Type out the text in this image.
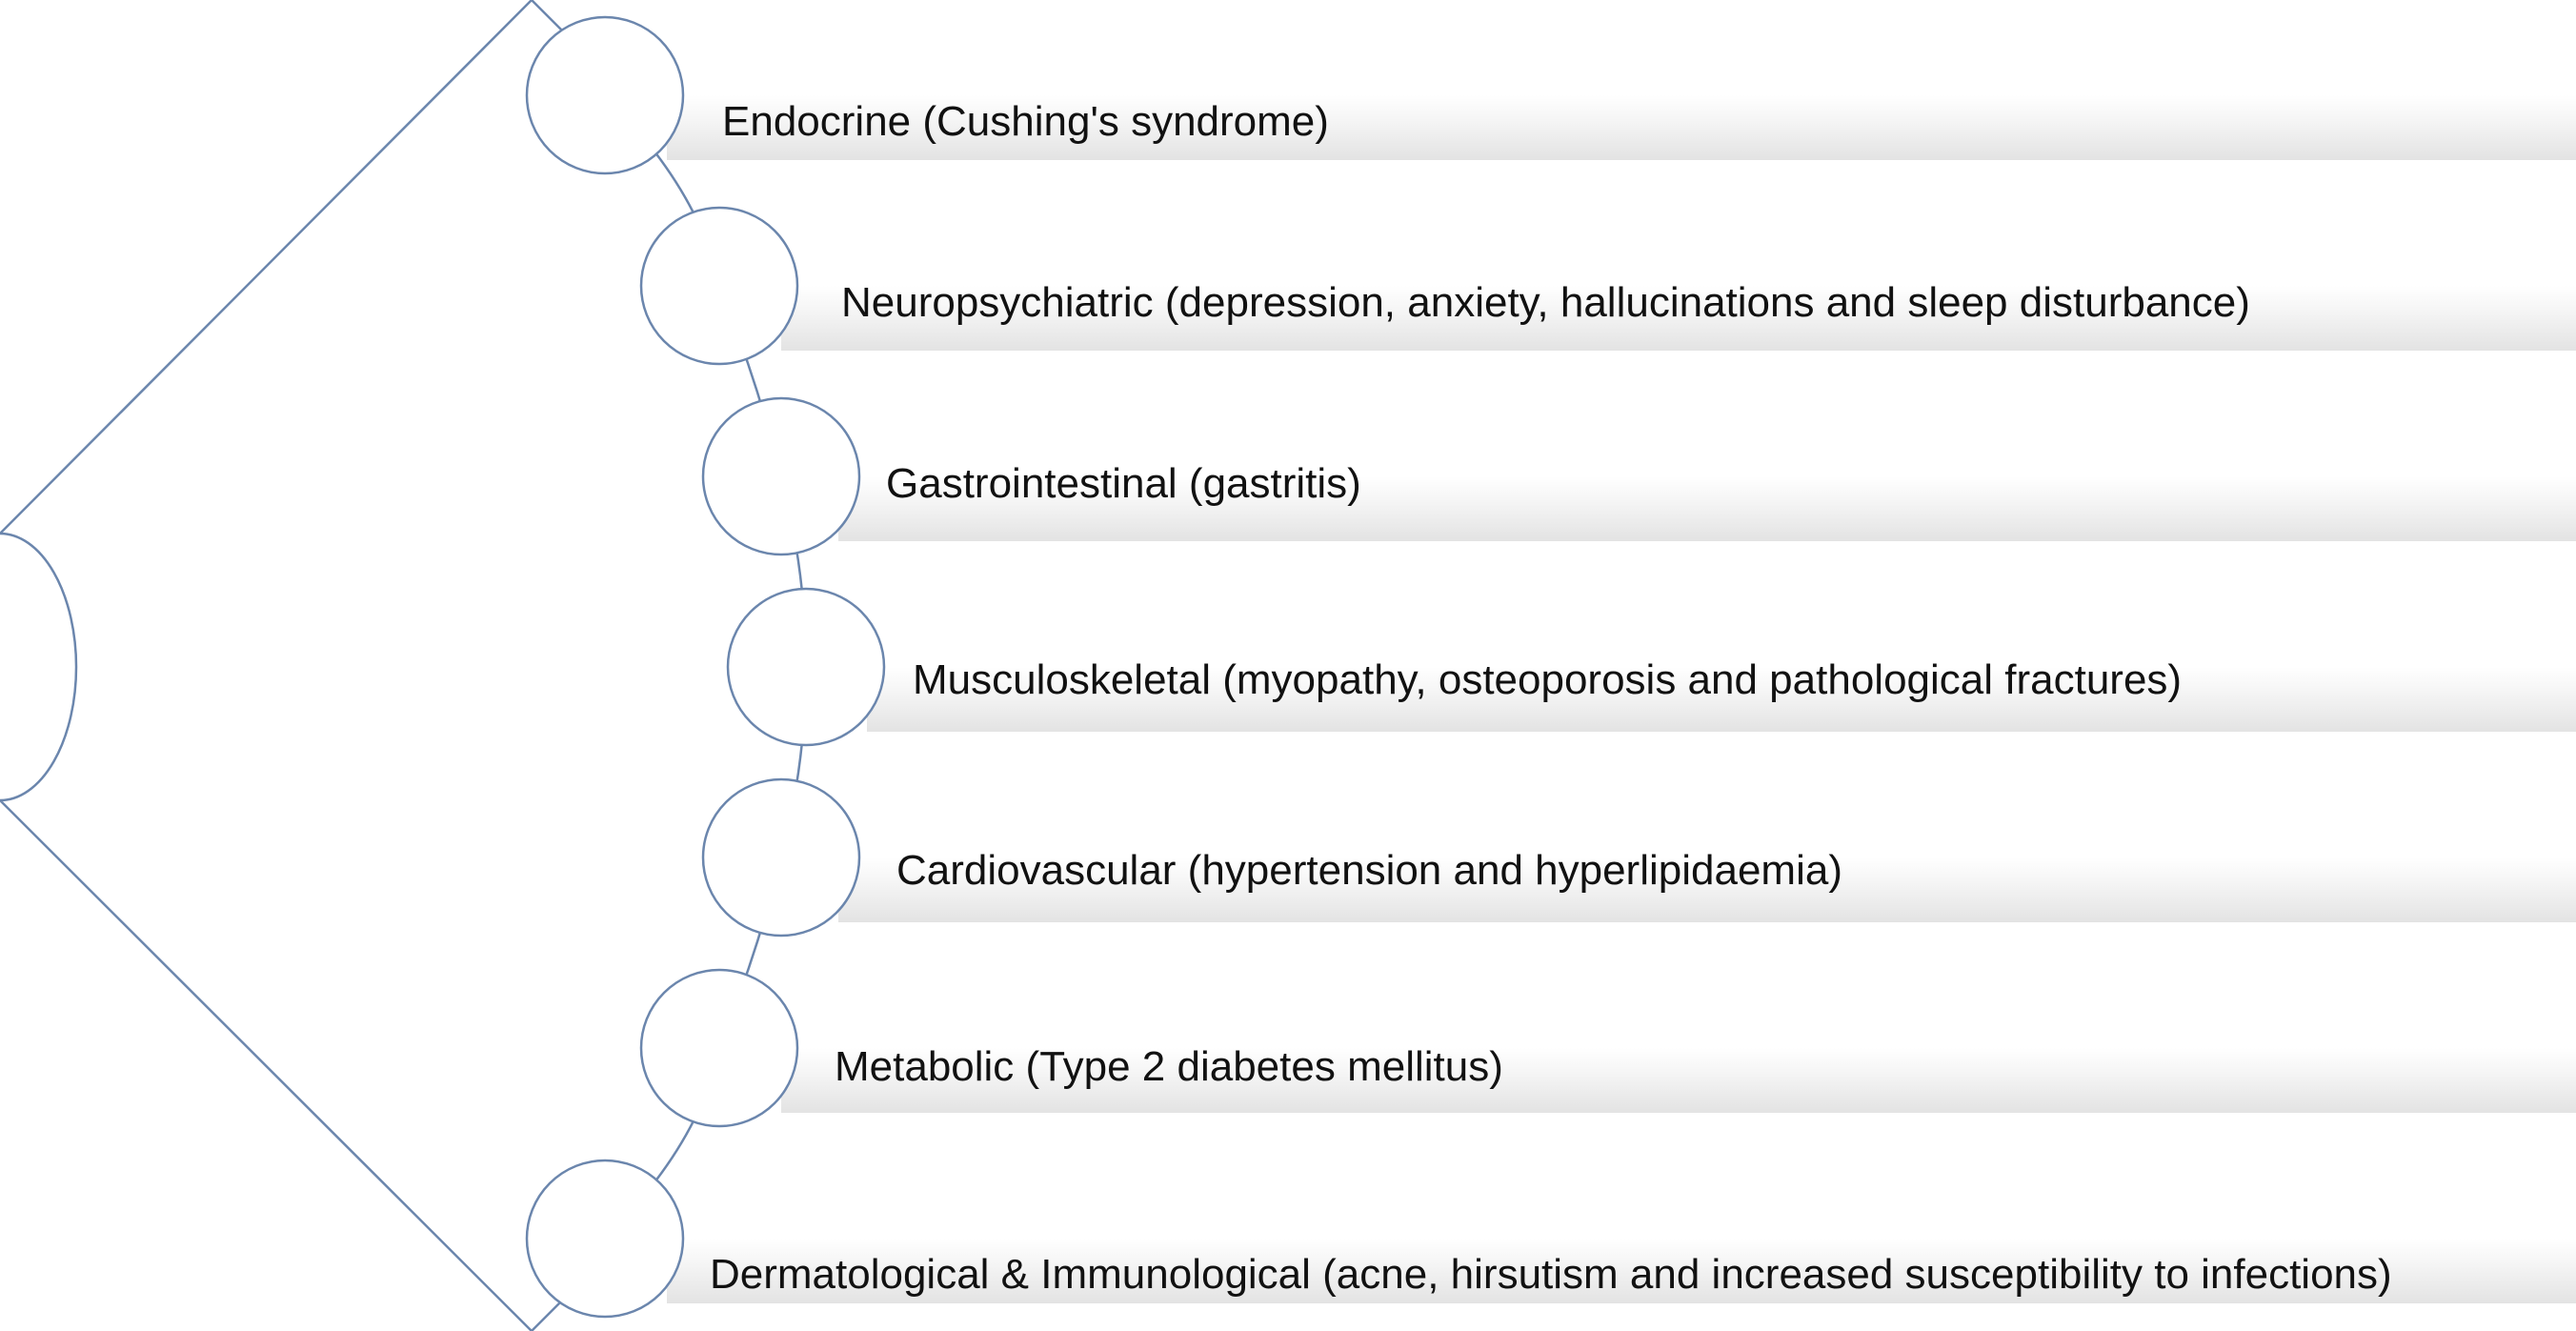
Endocrine (Cushing's syndrome)
Neuropsychiatric (depression, anxiety, hallucinations and sleep disturbance)
Gastrointestinal (gastritis)
Musculoskeletal (myopathy, osteoporosis and pathological fractures)
Cardiovascular (hypertension and hyperlipidaemia)
Metabolic (Type 2 diabetes mellitus)
Dermatological & Immunological (acne, hirsutism and increased susceptibility to infections)
